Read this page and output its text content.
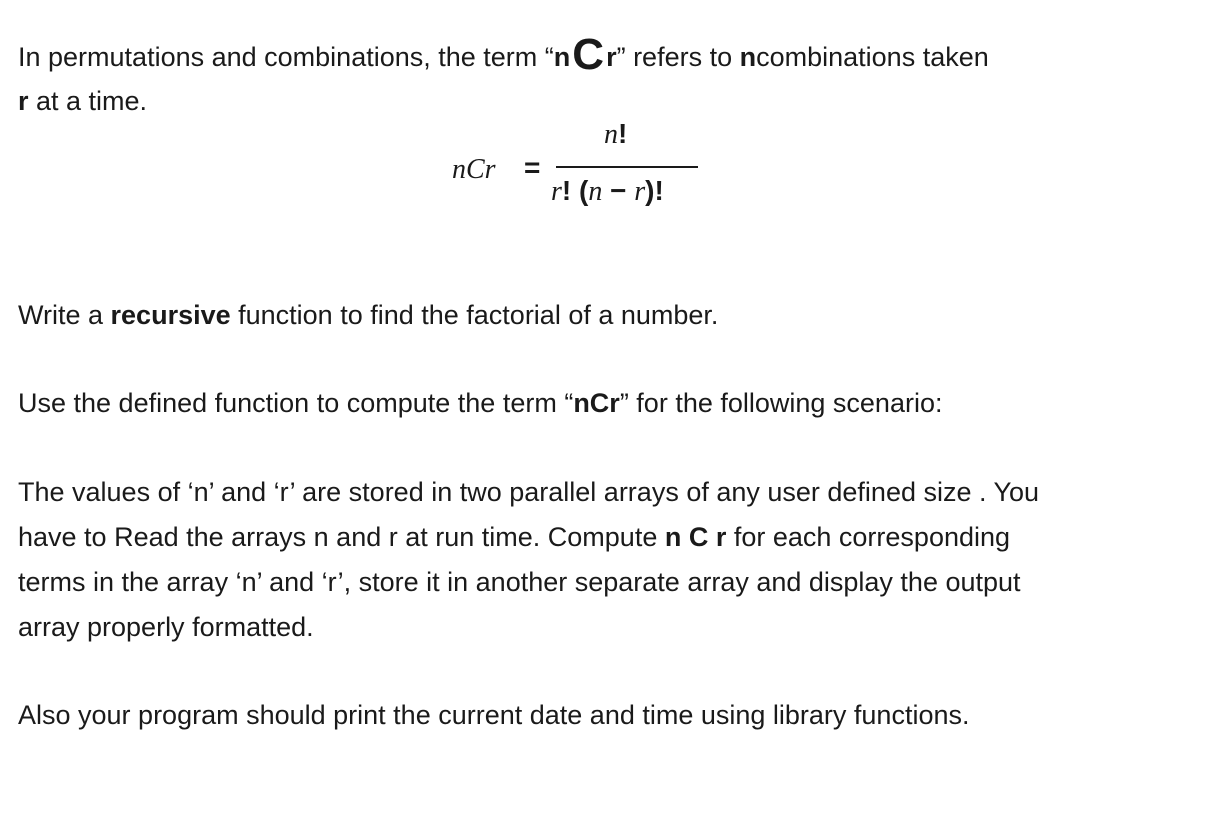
In permutations and combinations, the term “nCr” refers to ncombinations taken
r at a time.
nCr =
n!
r! (n − r)!
Write a recursive function to find the factorial of a number.
Use the defined function to compute the term “nCr” for the following scenario:
The values of ‘n’ and ‘r’ are stored in two parallel arrays of any user defined size . You
have to Read the arrays n and r at run time. Compute n C r for each corresponding
terms in the array ‘n’ and ‘r’, store it in another separate array and display the output
array properly formatted.
Also your program should print the current date and time using library functions.
